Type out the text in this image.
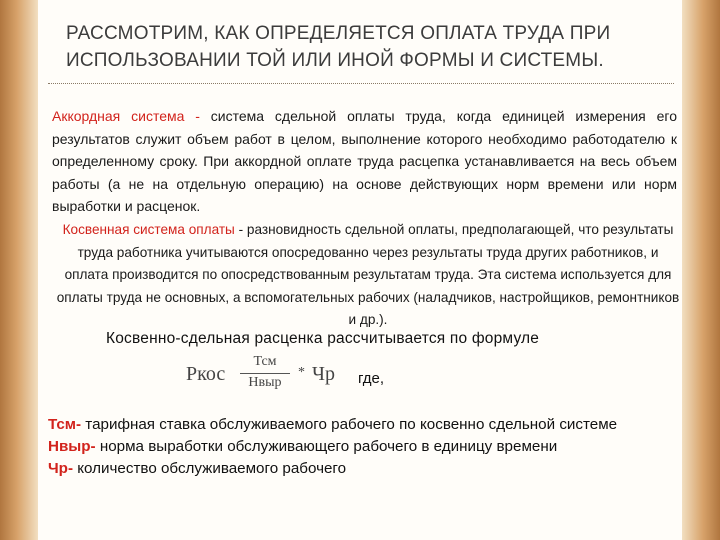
РАССМОТРИМ, КАК ОПРЕДЕЛЯЕТСЯ ОПЛАТА ТРУДА ПРИ ИСПОЛЬЗОВАНИИ ТОЙ ИЛИ ИНОЙ ФОРМЫ И СИСТЕМЫ.

Аккордная система - система сдельной оплаты труда, когда единицей измерения его результатов служит объем работ в целом, выполнение которого необходимо работодателю к определенному сроку. При аккордной оплате труда расцепка устанавливается на весь объем работы (а не на отдельную операцию) на основе действующих норм времени или норм выработки и расценок.

Косвенная система оплаты - разновидность сдельной оплаты, предполагающей, что результаты труда работника учитываются опосредованно через результаты труда других работников, и оплата производится по опосредствованным результатам труда. Эта система используется для оплаты труда не основных, а вспомогательных рабочих (наладчиков, настройщиков, ремонтников и др.).

Косвенно-сдельная расценка рассчитывается по формуле

Ркос
Тсм
Нвыр
* Чр где,

Тсм- тарифная ставка обслуживаемого рабочего по косвенно сдельной системе

Нвыр- норма выработки обслуживающего рабочего в единицу времени

Чр- количество обслуживаемого рабочего
